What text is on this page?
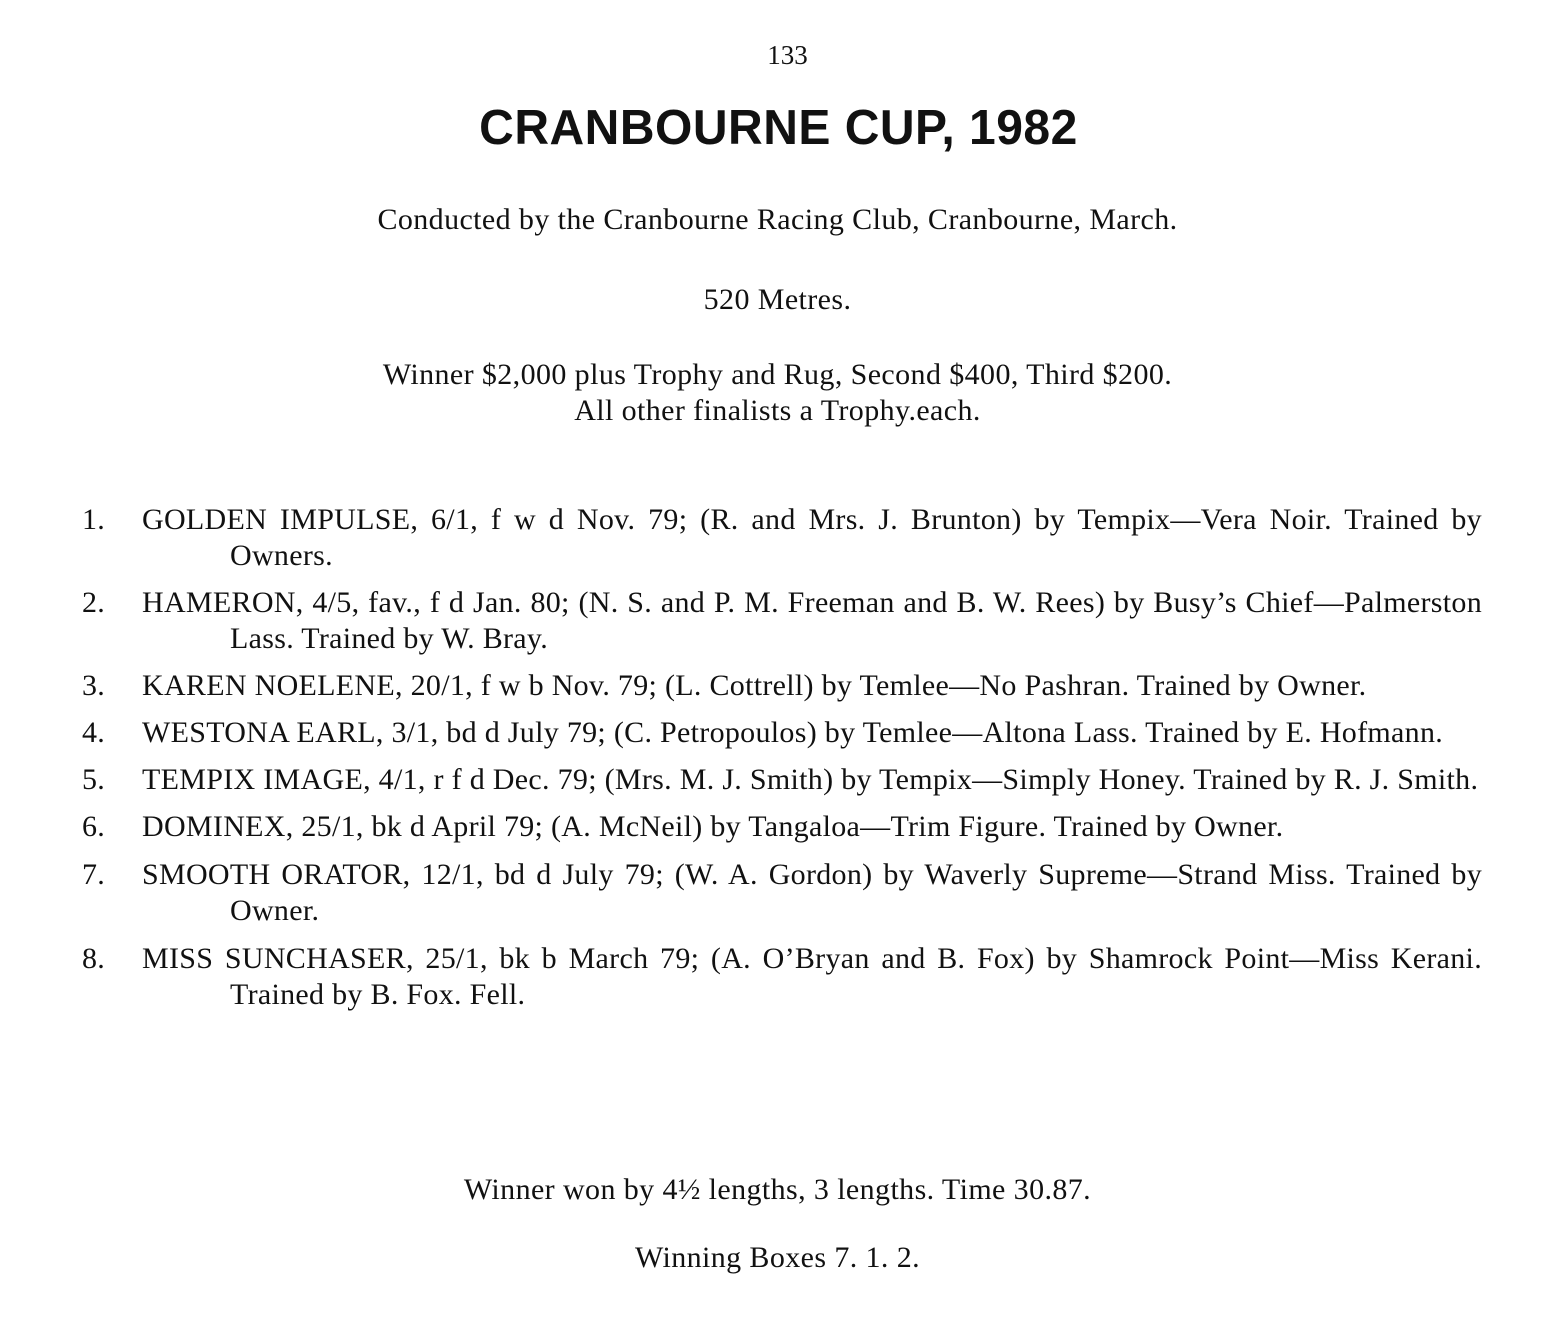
133
CRANBOURNE CUP, 1982
Conducted by the Cranbourne Racing Club, Cranbourne, March.
520 Metres.
Winner $2,000 plus Trophy and Rug, Second $400, Third $200.
All other finalists a Trophy.each.
1.	GOLDEN IMPULSE, 6/1, f w d Nov. 79; (R. and Mrs. J. Brunton) by Tempix—Vera Noir. Trained by Owners.
2.	HAMERON, 4/5, fav., f d Jan. 80; (N. S. and P. M. Freeman and B. W. Rees) by Busy’s Chief—Palmerston Lass. Trained by W. Bray.
3.	KAREN NOELENE, 20/1, f w b Nov. 79; (L. Cottrell) by Temlee—No Pashran. Trained by Owner.
4.	WESTONA EARL, 3/1, bd d July 79; (C. Petropoulos) by Temlee—Altona Lass. Trained by E. Hofmann.
5.	TEMPIX IMAGE, 4/1, r f d Dec. 79; (Mrs. M. J. Smith) by Tempix—Simply Honey. Trained by R. J. Smith.
6.	DOMINEX, 25/1, bk d April 79; (A. McNeil) by Tangaloa—Trim Figure. Trained by Owner.
7.	SMOOTH ORATOR, 12/1, bd d July 79; (W. A. Gordon) by Waverly Supreme—Strand Miss. Trained by Owner.
8.	MISS SUNCHASER, 25/1, bk b March 79; (A. O’Bryan and B. Fox) by Shamrock Point—Miss Kerani. Trained by B. Fox. Fell.
Winner won by 4½ lengths, 3 lengths. Time 30.87.
Winning Boxes 7. 1. 2.
